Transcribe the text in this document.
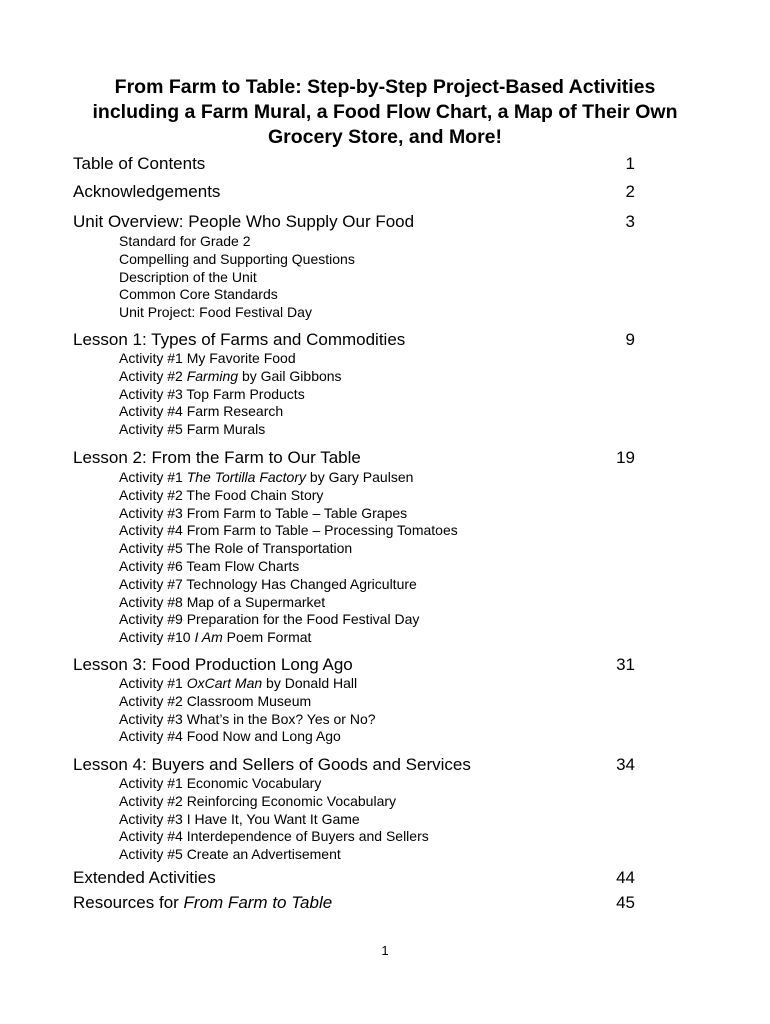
From Farm to Table: Step-by-Step Project-Based Activities
including a Farm Mural, a Food Flow Chart, a Map of Their Own
Grocery Store, and More!
Table of Contents	1
Acknowledgements	2
Unit Overview: People Who Supply Our Food	3
Standard for Grade 2
Compelling and Supporting Questions
Description of the Unit
Common Core Standards
Unit Project: Food Festival Day
Lesson 1: Types of Farms and Commodities	9
Activity #1 My Favorite Food
Activity #2 Farming by Gail Gibbons
Activity #3 Top Farm Products
Activity #4 Farm Research
Activity #5 Farm Murals
Lesson 2: From the Farm to Our Table	19
Activity #1 The Tortilla Factory by Gary Paulsen
Activity #2 The Food Chain Story
Activity #3 From Farm to Table – Table Grapes
Activity #4 From Farm to Table – Processing Tomatoes
Activity #5 The Role of Transportation
Activity #6 Team Flow Charts
Activity #7 Technology Has Changed Agriculture
Activity #8 Map of a Supermarket
Activity #9 Preparation for the Food Festival Day
Activity #10 I Am Poem Format
Lesson 3: Food Production Long Ago	31
Activity #1 OxCart Man by Donald Hall
Activity #2 Classroom Museum
Activity #3 What’s in the Box? Yes or No?
Activity #4 Food Now and Long Ago
Lesson 4: Buyers and Sellers of Goods and Services	34
Activity #1 Economic Vocabulary
Activity #2 Reinforcing Economic Vocabulary
Activity #3 I Have It, You Want It Game
Activity #4 Interdependence of Buyers and Sellers
Activity #5 Create an Advertisement
Extended Activities	44
Resources for From Farm to Table	45
1
